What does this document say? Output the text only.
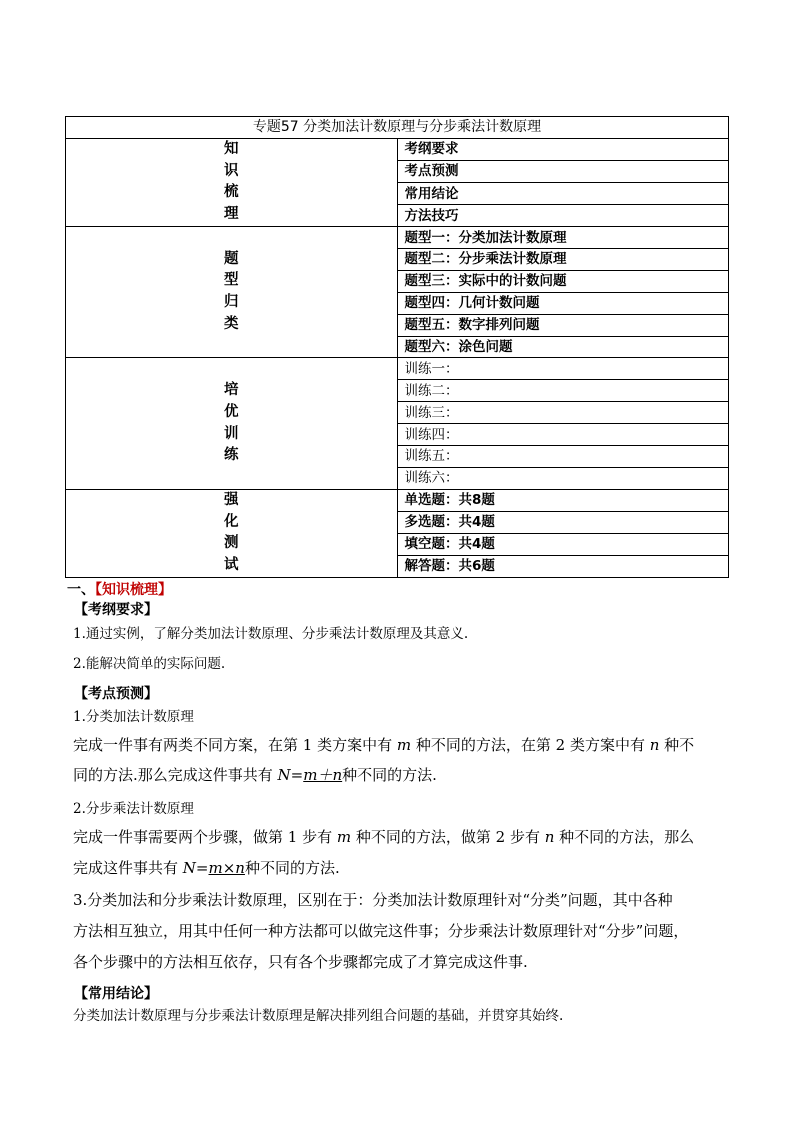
专题57 分类加法计数原理与分步乘法计数原理	

知
识
梳
理	考纲要求
	考点预测
	常用结论
	方法技巧

题
型
归
类	题型一：分类加法计数原理
	题型二：分步乘法计数原理
	题型三：实际中的计数问题
	题型四：几何计数问题
	题型五：数字排列问题
	题型六：涂色问题

培
优
训
练	训练一：
	训练二：
	训练三：
	训练四：
	训练五：
	训练六：

强
化
测
试	单选题：共8题
	多选题：共4题
	填空题：共4题
	解答题：共6题
一、【知识梳理】
【考纲要求】
1.通过实例，了解分类加法计数原理、分步乘法计数原理及其意义.
2.能解决简单的实际问题.
【考点预测】
1.分类加法计数原理
完成一件事有两类不同方案，在第 1 类方案中有 m 种不同的方法，在第 2 类方案中有 n 种不
同的方法.那么完成这件事共有 N=m＋n种不同的方法.
2.分步乘法计数原理
完成一件事需要两个步骤，做第 1 步有 m 种不同的方法，做第 2 步有 n 种不同的方法，那么
完成这件事共有 N=m×n种不同的方法.
3.分类加法和分步乘法计数原理，区别在于：分类加法计数原理针对“分类”问题，其中各种
方法相互独立，用其中任何一种方法都可以做完这件事；分步乘法计数原理针对“分步”问题，
各个步骤中的方法相互依存，只有各个步骤都完成了才算完成这件事.
【常用结论】
分类加法计数原理与分步乘法计数原理是解决排列组合问题的基础，并贯穿其始终.
